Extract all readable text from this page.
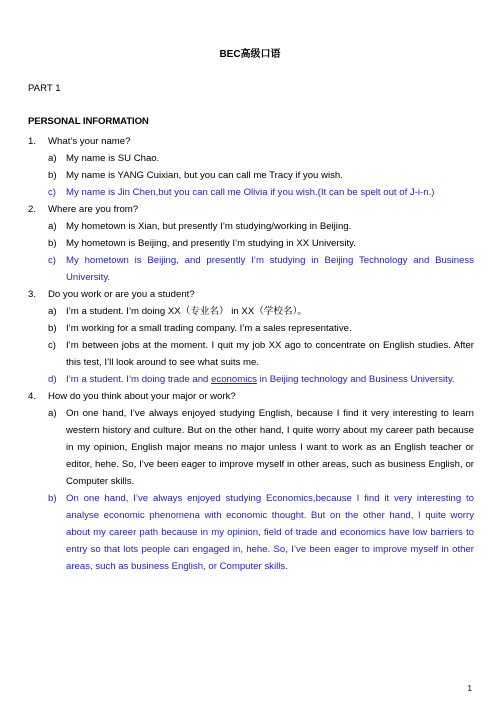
BEC高级口语
PART 1
PERSONAL INFORMATION
1.	What’s your name?
a) My name is SU Chao.
b) My name is YANG Cuixian, but you can call me Tracy if you wish.
c)	My name is Jin Chen,but you can call me Olivia if you wish.(It can be spelt out of J-i-n.)
2.	Where are you from?
a) My hometown is Xian, but presently I’m studying/working in Beijing.
b) My hometown is Beijing, and presently I’m studying in XX University.
c)	My hometown is Beijing, and presently I’m studying in Beijing Technology and Business University.
3.	Do you work or are you a student?
a) I’m a student. I’m doing XX（专业名） in XX（学校名）。
b) I’m working for a small trading company. I’m a sales representative.
c)	I’m between jobs at the moment. I quit my job XX ago to concentrate on English studies. After this test, I’ll look around to see what suits me.
d) I’m a student. I’m doing trade and economics in Beijing technology and Business University.
4.	How do you think about your major or work?
a) On one hand, I’ve always enjoyed studying English, because I find it very interesting to learn western history and culture. But on the other hand, I quite worry about my career path because in my opinion, English major means no major unless I want to work as an English teacher or editor, hehe. So, I’ve been eager to improve myself in other areas, such as business English, or Computer skills.
b) On one hand, I’ve always enjoyed studying Economics,because I find it very interesting to analyse economic phenomena with economic thought. But on the other hand, I quite worry about my career path because in my opinion, field of trade and economics have low barriers to entry so that lots people can engaged in, hehe. So, I’ve been eager to improve myself in other areas, such as business English, or Computer skills.
1
